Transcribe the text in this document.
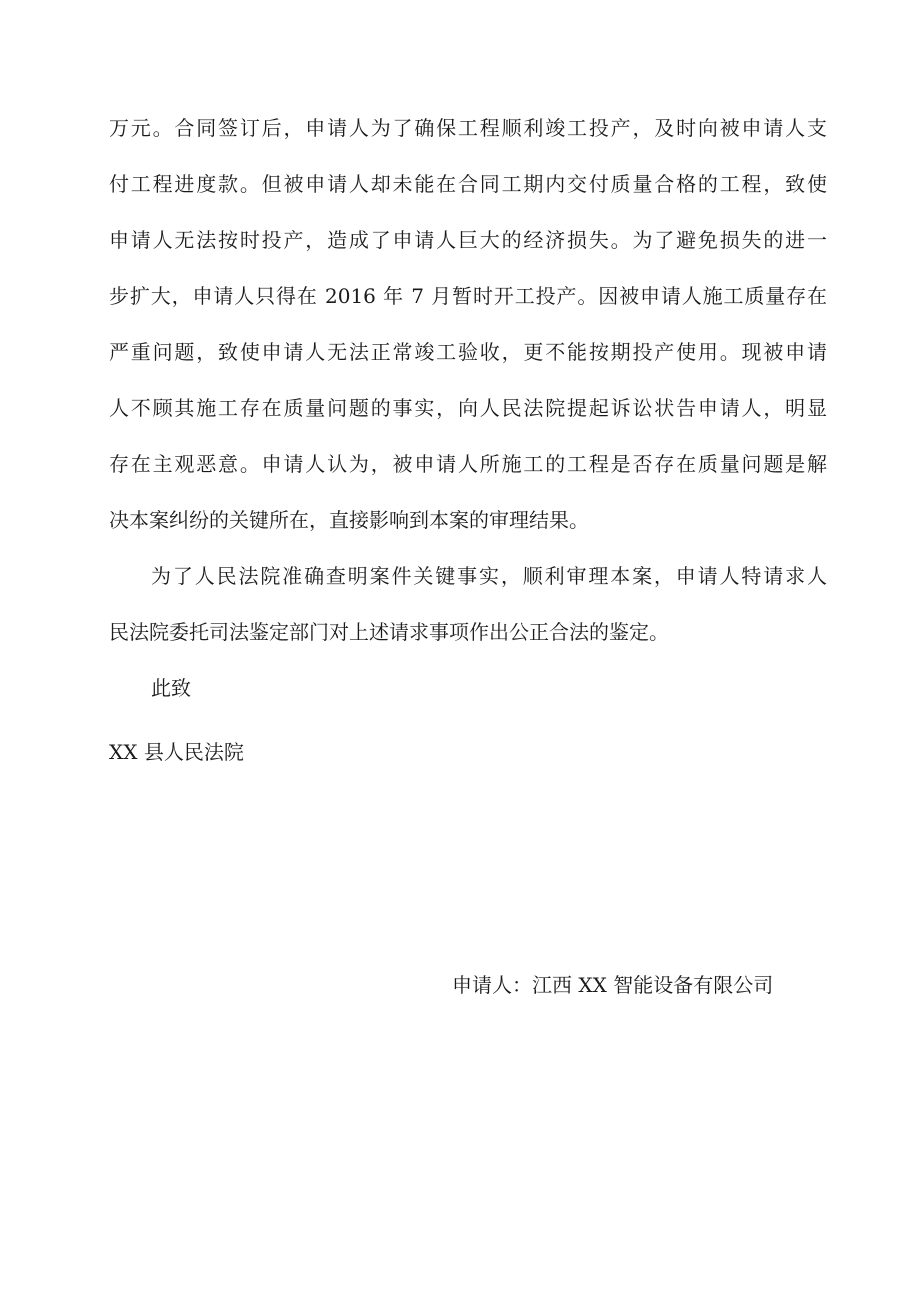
万元。合同签订后，申请人为了确保工程顺利竣工投产，及时向被申请人支
付工程进度款。但被申请人却未能在合同工期内交付质量合格的工程，致使
申请人无法按时投产，造成了申请人巨大的经济损失。为了避免损失的进一
步扩大，申请人只得在 2016 年 7 月暂时开工投产。因被申请人施工质量存在
严重问题，致使申请人无法正常竣工验收，更不能按期投产使用。现被申请
人不顾其施工存在质量问题的事实，向人民法院提起诉讼状告申请人，明显
存在主观恶意。申请人认为，被申请人所施工的工程是否存在质量问题是解
决本案纠纷的关键所在，直接影响到本案的审理结果。
为了人民法院准确查明案件关键事实，顺利审理本案，申请人特请求人
民法院委托司法鉴定部门对上述请求事项作出公正合法的鉴定。
此致
XX 县人民法院
申请人：江西 XX 智能设备有限公司
